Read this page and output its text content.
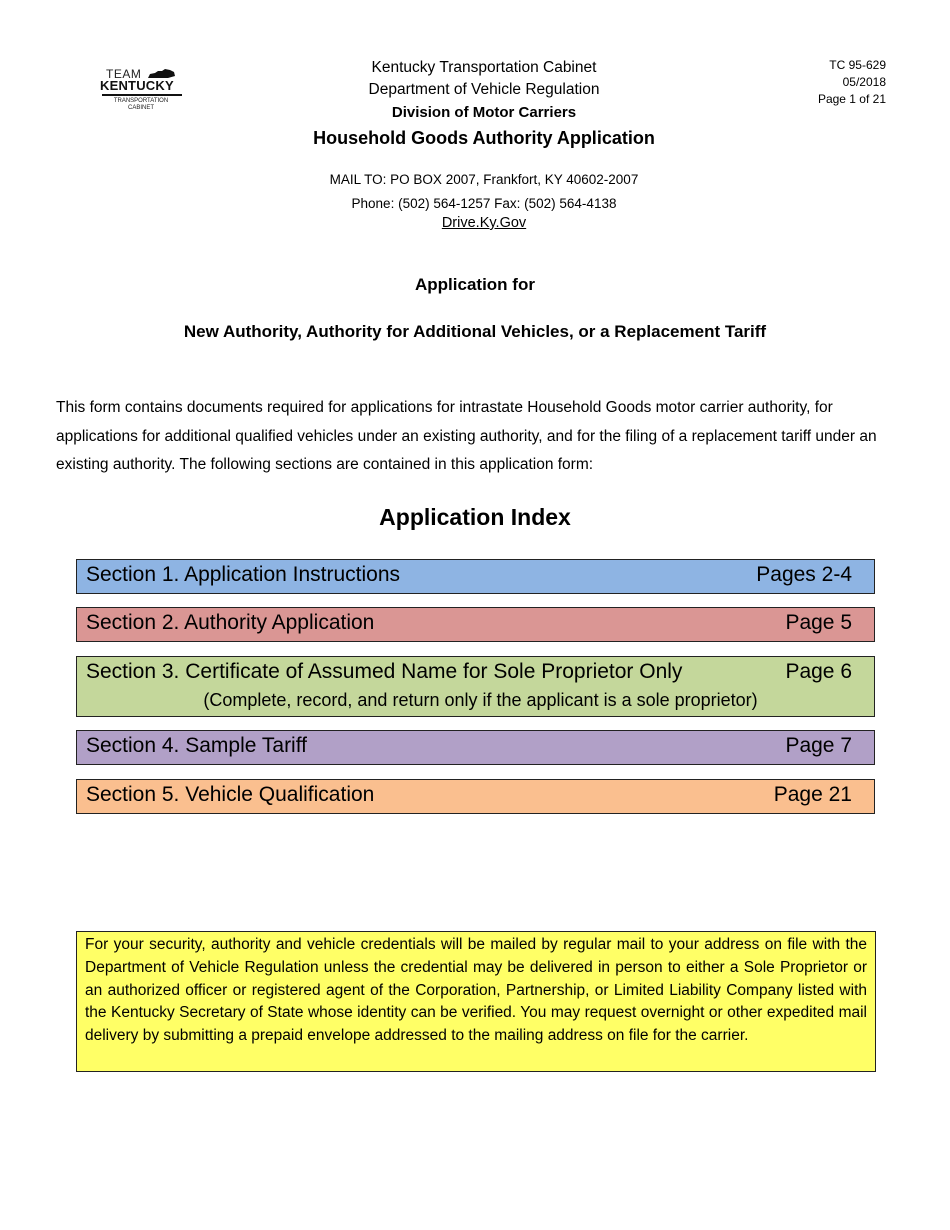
TEAM
KENTUCKY
TRANSPORTATION CABINET
Kentucky Transportation Cabinet
Department of Vehicle Regulation
Division of Motor Carriers
Household Goods Authority Application
MAIL TO: PO BOX 2007, Frankfort, KY 40602-2007
Phone: (502) 564-1257 Fax: (502) 564-4138
Drive.Ky.Gov
TC 95-629
05/2018
Page 1 of 21
Application for
New Authority, Authority for Additional Vehicles, or a Replacement Tariff
This form contains documents required for applications for intrastate Household Goods motor carrier authority, for applications for additional qualified vehicles under an existing authority, and for the filing of a replacement tariff under an existing authority. The following sections are contained in this application form:
Application Index
Section 1. Application Instructions	Pages 2-4
Section 2. Authority Application	Page 5
Section 3. Certificate of Assumed Name for Sole Proprietor Only	Page 6
(Complete, record, and return only if the applicant is a sole proprietor)
Section 4. Sample Tariff	Page 7
Section 5. Vehicle Qualification	Page 21
For your security, authority and vehicle credentials will be mailed by regular mail to your address on file with the Department of Vehicle Regulation unless the credential may be delivered in person to either a Sole Proprietor or an authorized officer or registered agent of the Corporation, Partnership, or Limited Liability Company listed with the Kentucky Secretary of State whose identity can be verified. You may request overnight or other expedited mail delivery by submitting a prepaid envelope addressed to the mailing address on file for the carrier.
